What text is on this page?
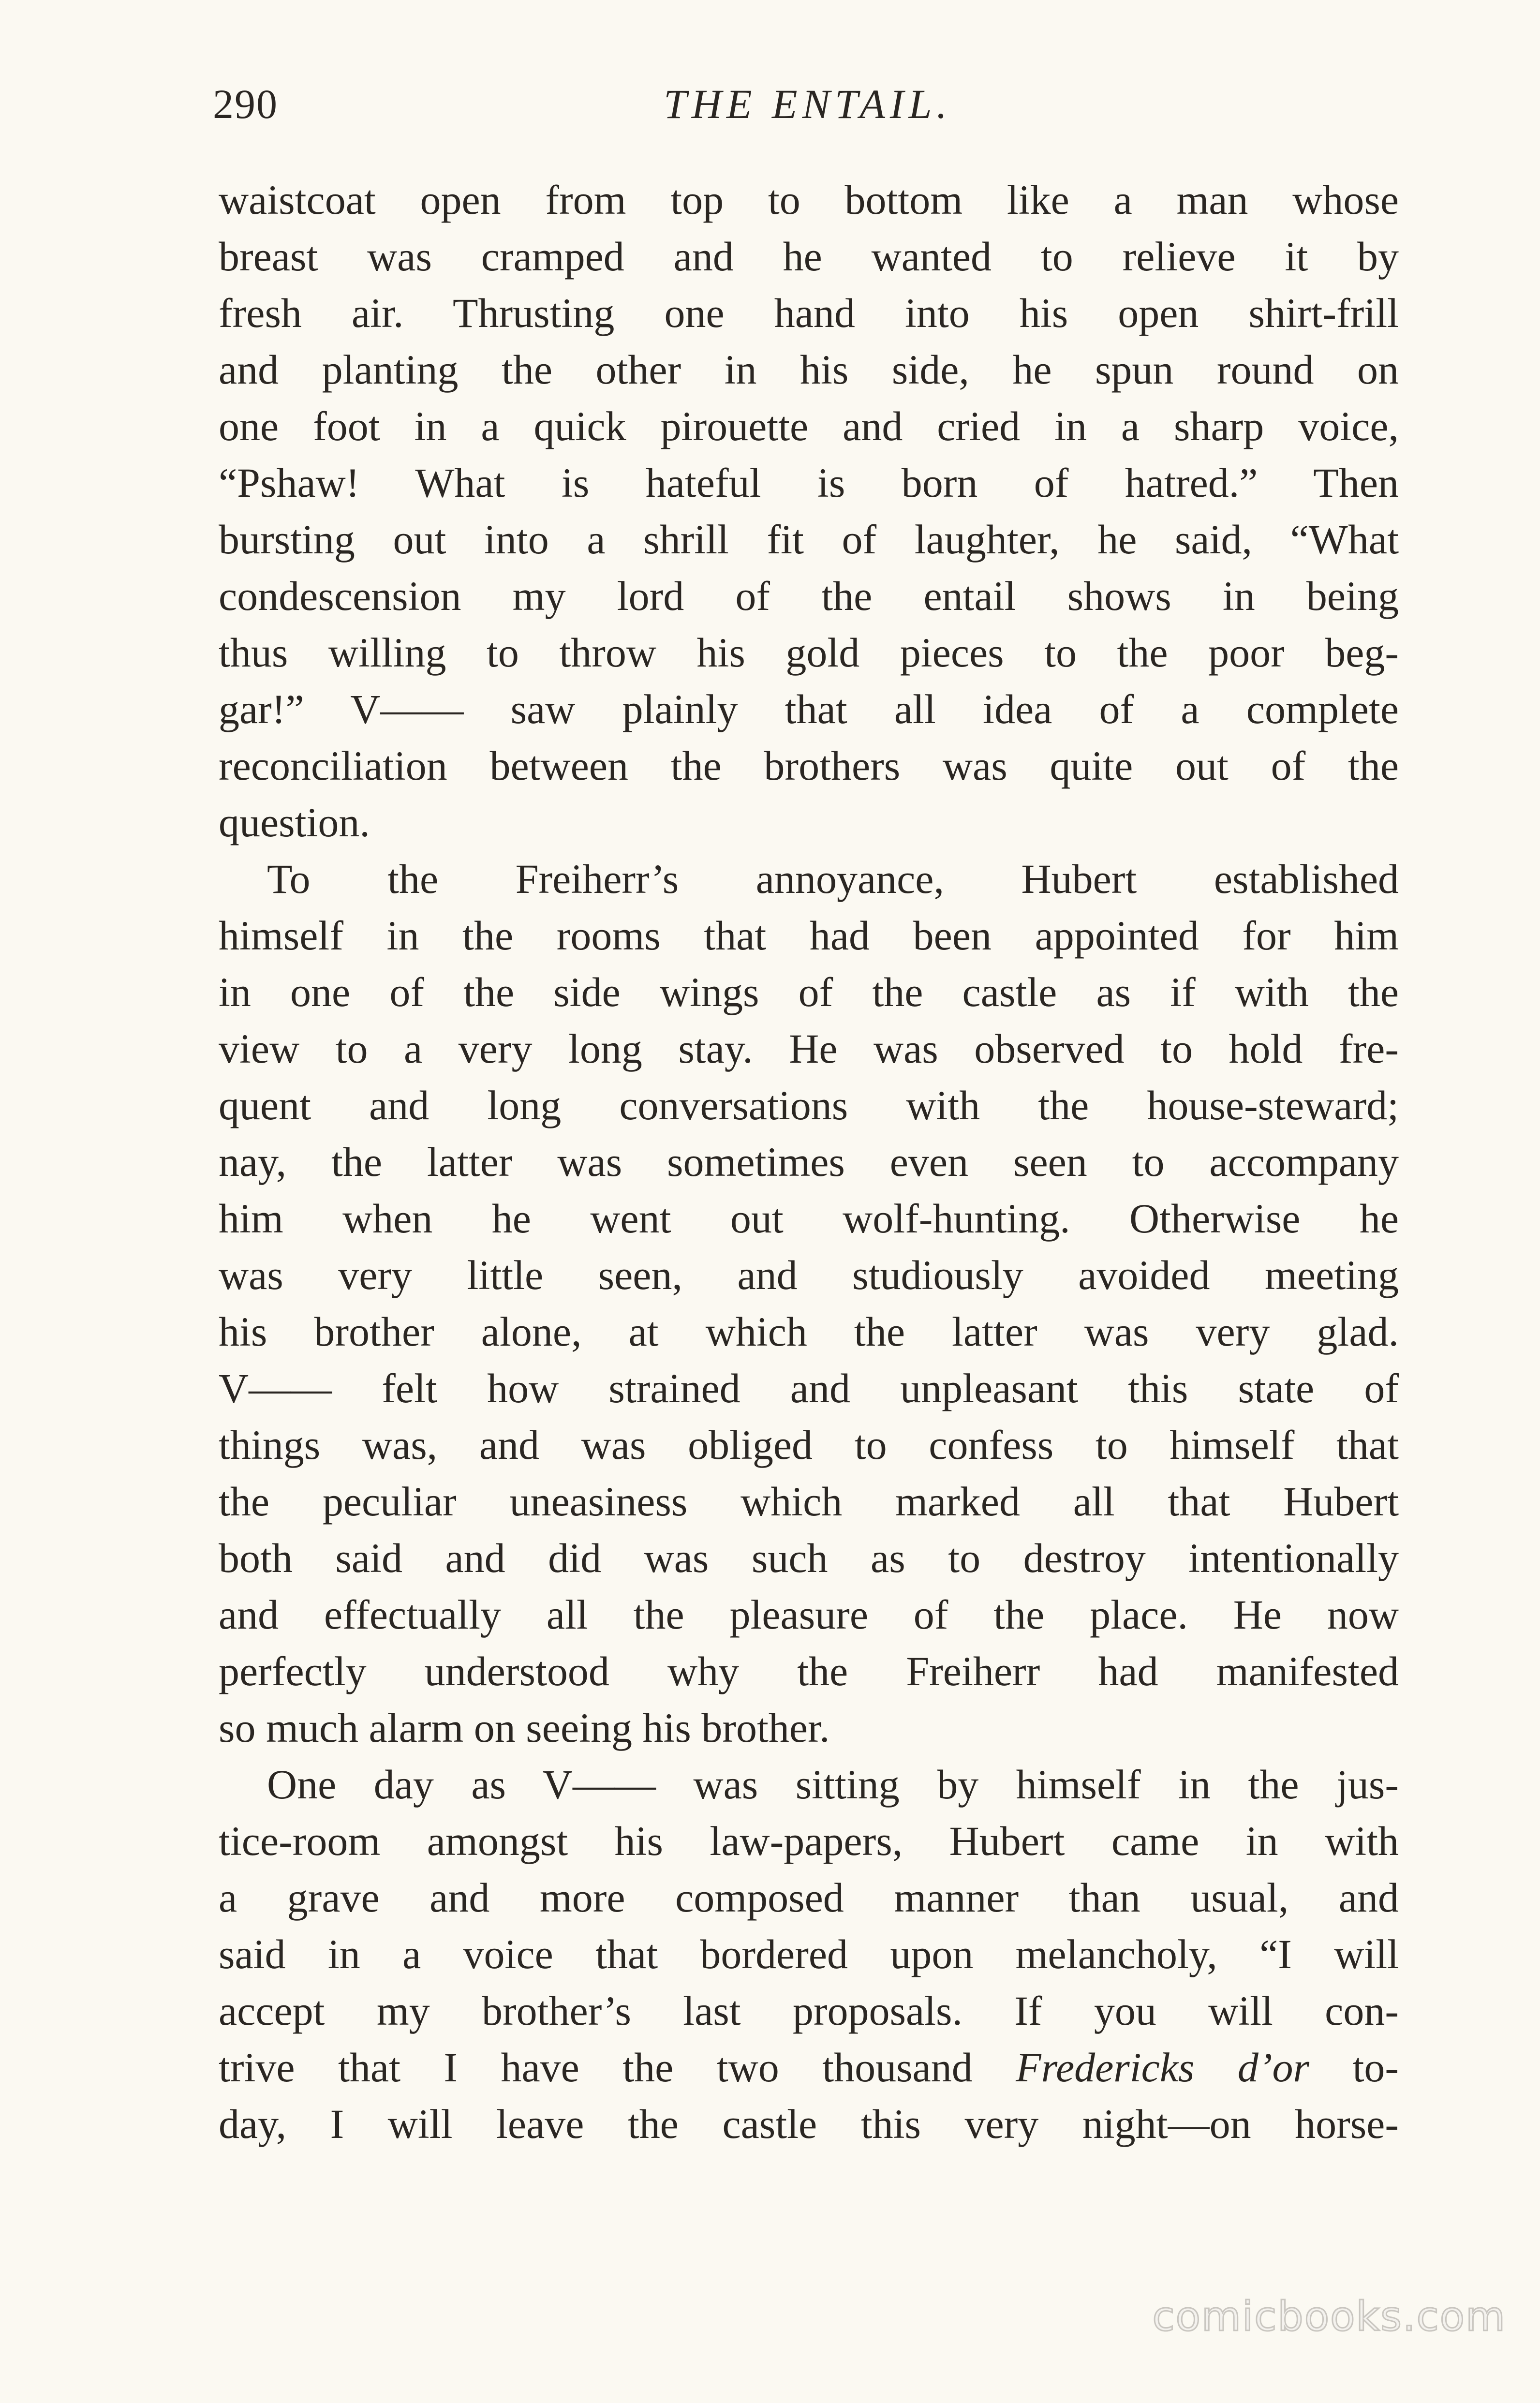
290	THE ENTAIL.
waistcoat open from top to bottom like a man whose
breast was cramped and he wanted to relieve it by
fresh air. Thrusting one hand into his open shirt-frill
and planting the other in his side, he spun round on
one foot in a quick pirouette and cried in a sharp voice,
“Pshaw! What is hateful is born of hatred.” Then
bursting out into a shrill fit of laughter, he said, “What
condescension my lord of the entail shows in being
thus willing to throw his gold pieces to the poor beg-
gar!” V—— saw plainly that all idea of a complete
reconciliation between the brothers was quite out of the
question.
To the Freiherr’s annoyance, Hubert established
himself in the rooms that had been appointed for him
in one of the side wings of the castle as if with the
view to a very long stay. He was observed to hold fre-
quent and long conversations with the house-steward;
nay, the latter was sometimes even seen to accompany
him when he went out wolf-hunting. Otherwise he
was very little seen, and studiously avoided meeting
his brother alone, at which the latter was very glad.
V—— felt how strained and unpleasant this state of
things was, and was obliged to confess to himself that
the peculiar uneasiness which marked all that Hubert
both said and did was such as to destroy intentionally
and effectually all the pleasure of the place. He now
perfectly understood why the Freiherr had manifested
so much alarm on seeing his brother.
One day as V—— was sitting by himself in the jus-
tice-room amongst his law-papers, Hubert came in with
a grave and more composed manner than usual, and
said in a voice that bordered upon melancholy, “I will
accept my brother’s last proposals. If you will con-
trive that I have the two thousand Fredericks d’or to-
day, I will leave the castle this very night—on horse-
comicbooks.com
